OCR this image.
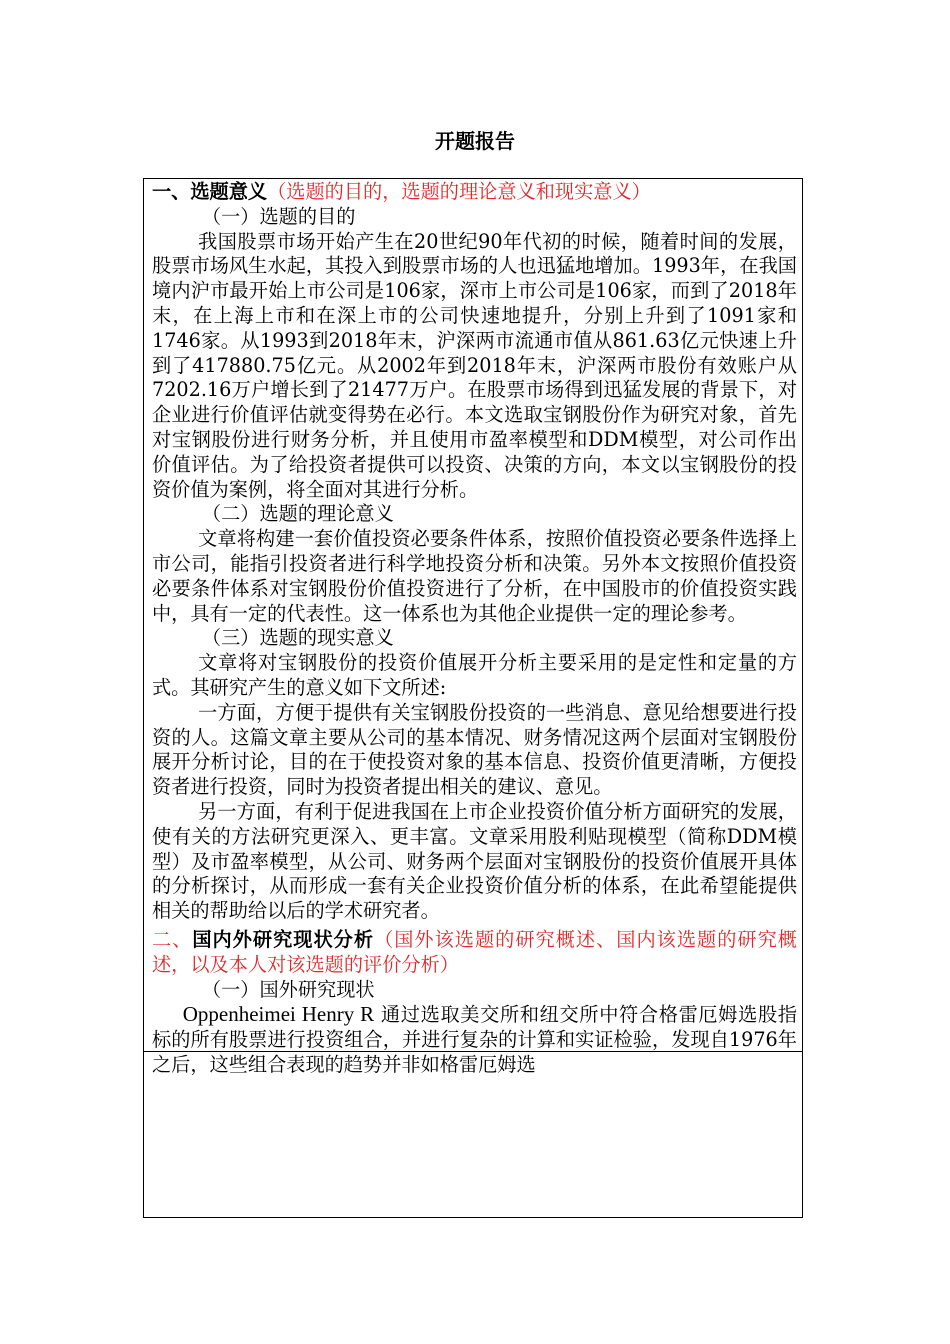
开题报告

一、选题意义（选题的目的，选题的理论意义和现实意义）

（一）选题的目的

我国股票市场开始产生在20世纪90年代初的时候，随着时间的发展，股票市场风生水起，其投入到股票市场的人也迅猛地增加。1993年，在我国境内沪市最开始上市公司是106家，深市上市公司是106家，而到了2018年末，在上海上市和在深上市的公司快速地提升，分别上升到了1091家和1746家。从1993到2018年末，沪深两市流通市值从861.63亿元快速上升到了417880.75亿元。从2002年到2018年末，沪深两市股份有效账户从7202.16万户增长到了21477万户。在股票市场得到迅猛发展的背景下，对企业进行价值评估就变得势在必行。本文选取宝钢股份作为研究对象，首先对宝钢股份进行财务分析，并且使用市盈率模型和DDM模型，对公司作出价值评估。为了给投资者提供可以投资、决策的方向，本文以宝钢股份的投资价值为案例，将全面对其进行分析。

（二）选题的理论意义

文章将构建一套价值投资必要条件体系，按照价值投资必要条件选择上市公司，能指引投资者进行科学地投资分析和决策。另外本文按照价值投资必要条件体系对宝钢股份价值投资进行了分析，在中国股市的价值投资实践中，具有一定的代表性。这一体系也为其他企业提供一定的理论参考。

（三）选题的现实意义

文章将对宝钢股份的投资价值展开分析主要采用的是定性和定量的方式。其研究产生的意义如下文所述:

一方面，方便于提供有关宝钢股份投资的一些消息、意见给想要进行投资的人。这篇文章主要从公司的基本情况、财务情况这两个层面对宝钢股份展开分析讨论，目的在于使投资对象的基本信息、投资价值更清晰，方便投资者进行投资，同时为投资者提出相关的建议、意见。

另一方面，有利于促进我国在上市企业投资价值分析方面研究的发展，使有关的方法研究更深入、更丰富。文章采用股利贴现模型（简称DDM模型）及市盈率模型，从公司、财务两个层面对宝钢股份的投资价值展开具体的分析探讨，从而形成一套有关企业投资价值分析的体系，在此希望能提供相关的帮助给以后的学术研究者。

二、国内外研究现状分析（国外该选题的研究概述、国内该选题的研究概述，以及本人对该选题的评价分析）

（一）国外研究现状

Oppenheimei Henry R 通过选取美交所和纽交所中符合格雷厄姆选股指标的所有股票进行投资组合，并进行复杂的计算和实证检验，发现自1976年之后，这些组合表现的趋势并非如格雷厄姆选
